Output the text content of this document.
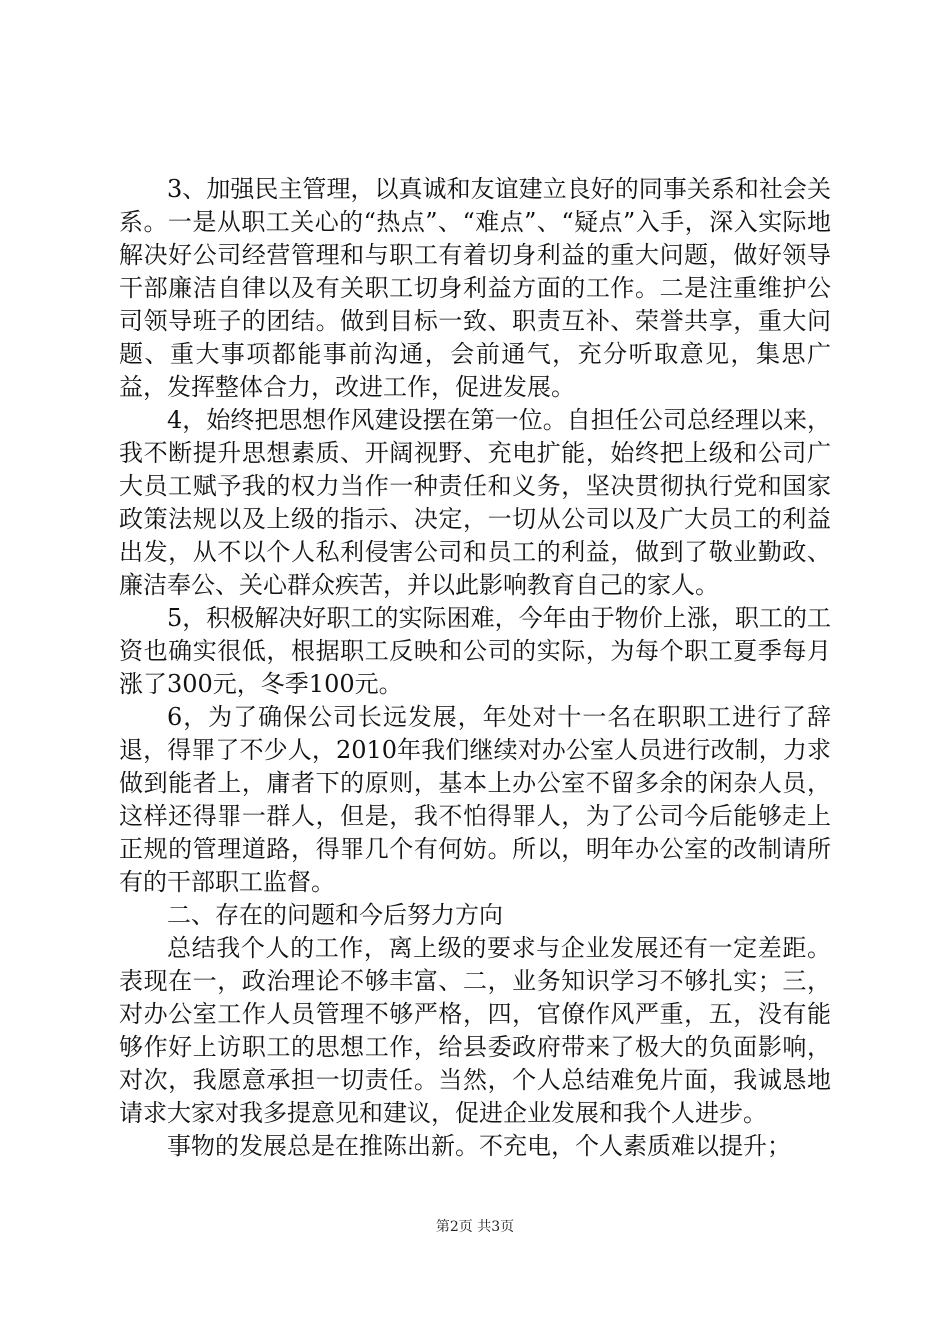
3、加强民主管理，以真诚和友谊建立良好的同事关系和社会关系。一是从职工关心的“热点”、“难点”、“疑点”入手，深入实际地解决好公司经营管理和与职工有着切身利益的重大问题，做好领导干部廉洁自律以及有关职工切身利益方面的工作。二是注重维护公司领导班子的团结。做到目标一致、职责互补、荣誉共享，重大问题、重大事项都能事前沟通，会前通气，充分听取意见，集思广益，发挥整体合力，改进工作，促进发展。

4，始终把思想作风建设摆在第一位。自担任公司总经理以来，我不断提升思想素质、开阔视野、充电扩能，始终把上级和公司广大员工赋予我的权力当作一种责任和义务，坚决贯彻执行党和国家政策法规以及上级的指示、决定，一切从公司以及广大员工的利益出发，从不以个人私利侵害公司和员工的利益，做到了敬业勤政、廉洁奉公、关心群众疾苦，并以此影响教育自己的家人。

5，积极解决好职工的实际困难，今年由于物价上涨，职工的工资也确实很低，根据职工反映和公司的实际，为每个职工夏季每月涨了300元，冬季100元。

6，为了确保公司长远发展，年处对十一名在职职工进行了辞退，得罪了不少人，2010年我们继续对办公室人员进行改制，力求做到能者上，庸者下的原则，基本上办公室不留多余的闲杂人员，这样还得罪一群人，但是，我不怕得罪人，为了公司今后能够走上正规的管理道路，得罪几个有何妨。所以，明年办公室的改制请所有的干部职工监督。

二、存在的问题和今后努力方向

总结我个人的工作，离上级的要求与企业发展还有一定差距。表现在一，政治理论不够丰富、二，业务知识学习不够扎实；三，对办公室工作人员管理不够严格，四，官僚作风严重，五，没有能够作好上访职工的思想工作，给县委政府带来了极大的负面影响，对次，我愿意承担一切责任。当然，个人总结难免片面，我诚恳地请求大家对我多提意见和建议，促进企业发展和我个人进步。

事物的发展总是在推陈出新。不充电，个人素质难以提升；

第2页 共3页
